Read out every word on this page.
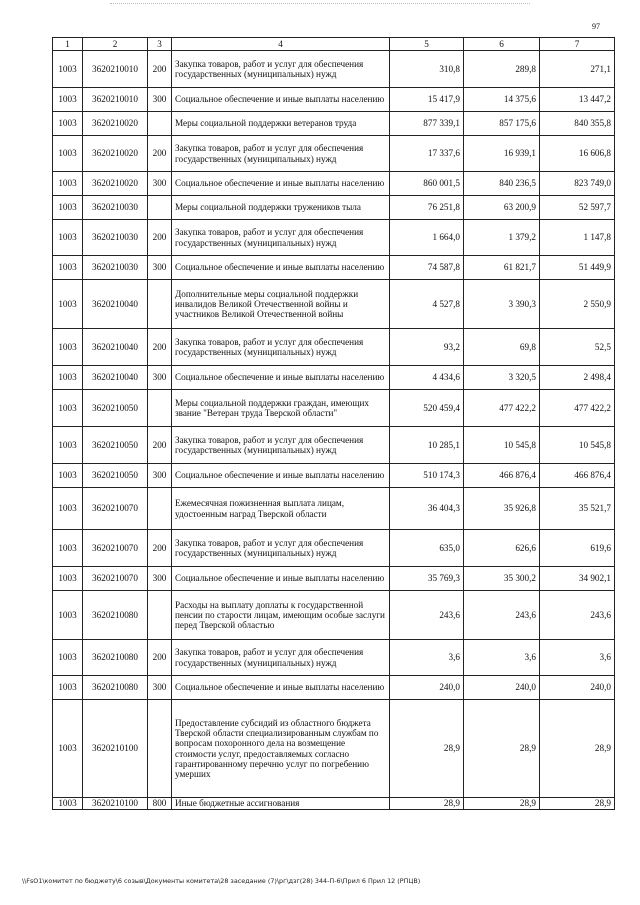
97
1	2	3	4	5	6	7
1003	3620210010	200	Закупка товаров, работ и услуг для обеспечения государственных (муниципальных) нужд	310,8	289,8	271,1
1003	3620210010	300	Социальное обеспечение и иные выплаты населению	15 417,9	14 375,6	13 447,2
1003	3620210020		Меры социальной поддержки ветеранов труда	877 339,1	857 175,6	840 355,8
1003	3620210020	200	Закупка товаров, работ и услуг для обеспечения государственных (муниципальных) нужд	17 337,6	16 939,1	16 606,8
1003	3620210020	300	Социальное обеспечение и иные выплаты населению	860 001,5	840 236,5	823 749,0
1003	3620210030		Меры социальной поддержки тружеников тыла	76 251,8	63 200,9	52 597,7
1003	3620210030	200	Закупка товаров, работ и услуг для обеспечения государственных (муниципальных) нужд	1 664,0	1 379,2	1 147,8
1003	3620210030	300	Социальное обеспечение и иные выплаты населению	74 587,8	61 821,7	51 449,9
1003	3620210040		Дополнительные меры социальной поддержки инвалидов Великой Отечественной войны и участников Великой Отечественной войны	4 527,8	3 390,3	2 550,9
1003	3620210040	200	Закупка товаров, работ и услуг для обеспечения государственных (муниципальных) нужд	93,2	69,8	52,5
1003	3620210040	300	Социальное обеспечение и иные выплаты населению	4 434,6	3 320,5	2 498,4
1003	3620210050		Меры социальной поддержки граждан, имеющих звание "Ветеран труда Тверской области"	520 459,4	477 422,2	477 422,2
1003	3620210050	200	Закупка товаров, работ и услуг для обеспечения государственных (муниципальных) нужд	10 285,1	10 545,8	10 545,8
1003	3620210050	300	Социальное обеспечение и иные выплаты населению	510 174,3	466 876,4	466 876,4
1003	3620210070		Ежемесячная пожизненная выплата лицам, удостоенным наград Тверской области	36 404,3	35 926,8	35 521,7
1003	3620210070	200	Закупка товаров, работ и услуг для обеспечения государственных (муниципальных) нужд	635,0	626,6	619,6
1003	3620210070	300	Социальное обеспечение и иные выплаты населению	35 769,3	35 300,2	34 902,1
1003	3620210080		Расходы на выплату доплаты к государственной пенсии по старости лицам, имеющим особые заслуги перед Тверской областью	243,6	243,6	243,6
1003	3620210080	200	Закупка товаров, работ и услуг для обеспечения государственных (муниципальных) нужд	3,6	3,6	3,6
1003	3620210080	300	Социальное обеспечение и иные выплаты населению	240,0	240,0	240,0
1003	3620210100		Предоставление субсидий из областного бюджета Тверской области специализированным службам по вопросам похоронного дела на возмещение стоимости услуг, предоставляемых согласно гарантированному перечню услуг по погребению умерших	28,9	28,9	28,9
1003	3620210100	800	Иные бюджетные ассигнования	28,9	28,9	28,9
\\FsO1\комитет по бюджету\6 созыв\Документы комитета\28 заседание (7)\рг\дзг(28) 344-П-6\Прил 6 Прил 12 (РПЦВ)
